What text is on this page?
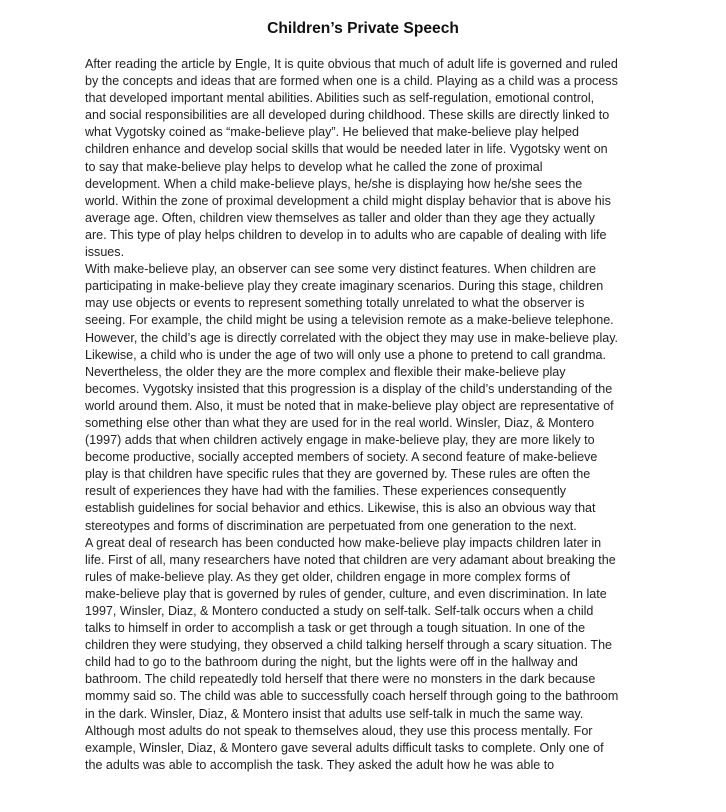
Children’s Private Speech
After reading the article by Engle, It is quite obvious that much of adult life is governed and ruled
by the concepts and ideas that are formed when one is a child. Playing as a child was a process
that developed important mental abilities. Abilities such as self-regulation, emotional control,
and social responsibilities are all developed during childhood. These skills are directly linked to
what Vygotsky coined as “make-believe play”. He believed that make-believe play helped
children enhance and develop social skills that would be needed later in life. Vygotsky went on
to say that make-believe play helps to develop what he called the zone of proximal
development. When a child make-believe plays, he/she is displaying how he/she sees the
world. Within the zone of proximal development a child might display behavior that is above his
average age. Often, children view themselves as taller and older than they age they actually
are. This type of play helps children to develop in to adults who are capable of dealing with life
issues.
With make-believe play, an observer can see some very distinct features. When children are
participating in make-believe play they create imaginary scenarios. During this stage, children
may use objects or events to represent something totally unrelated to what the observer is
seeing. For example, the child might be using a television remote as a make-believe telephone.
However, the child’s age is directly correlated with the object they may use in make-believe play.
Likewise, a child who is under the age of two will only use a phone to pretend to call grandma.
Nevertheless, the older they are the more complex and flexible their make-believe play
becomes. Vygotsky insisted that this progression is a display of the child’s understanding of the
world around them. Also, it must be noted that in make-believe play object are representative of
something else other than what they are used for in the real world. Winsler, Diaz, & Montero
(1997) adds that when children actively engage in make-believe play, they are more likely to
become productive, socially accepted members of society. A second feature of make-believe
play is that children have specific rules that they are governed by. These rules are often the
result of experiences they have had with the families. These experiences consequently
establish guidelines for social behavior and ethics. Likewise, this is also an obvious way that
stereotypes and forms of discrimination are perpetuated from one generation to the next.
A great deal of research has been conducted how make-believe play impacts children later in
life. First of all, many researchers have noted that children are very adamant about breaking the
rules of make-believe play. As they get older, children engage in more complex forms of
make-believe play that is governed by rules of gender, culture, and even discrimination. In late
1997, Winsler, Diaz, & Montero conducted a study on self-talk. Self-talk occurs when a child
talks to himself in order to accomplish a task or get through a tough situation. In one of the
children they were studying, they observed a child talking herself through a scary situation. The
child had to go to the bathroom during the night, but the lights were off in the hallway and
bathroom. The child repeatedly told herself that there were no monsters in the dark because
mommy said so. The child was able to successfully coach herself through going to the bathroom
in the dark. Winsler, Diaz, & Montero insist that adults use self-talk in much the same way.
Although most adults do not speak to themselves aloud, they use this process mentally. For
example, Winsler, Diaz, & Montero gave several adults difficult tasks to complete. Only one of
the adults was able to accomplish the task. They asked the adult how he was able to
